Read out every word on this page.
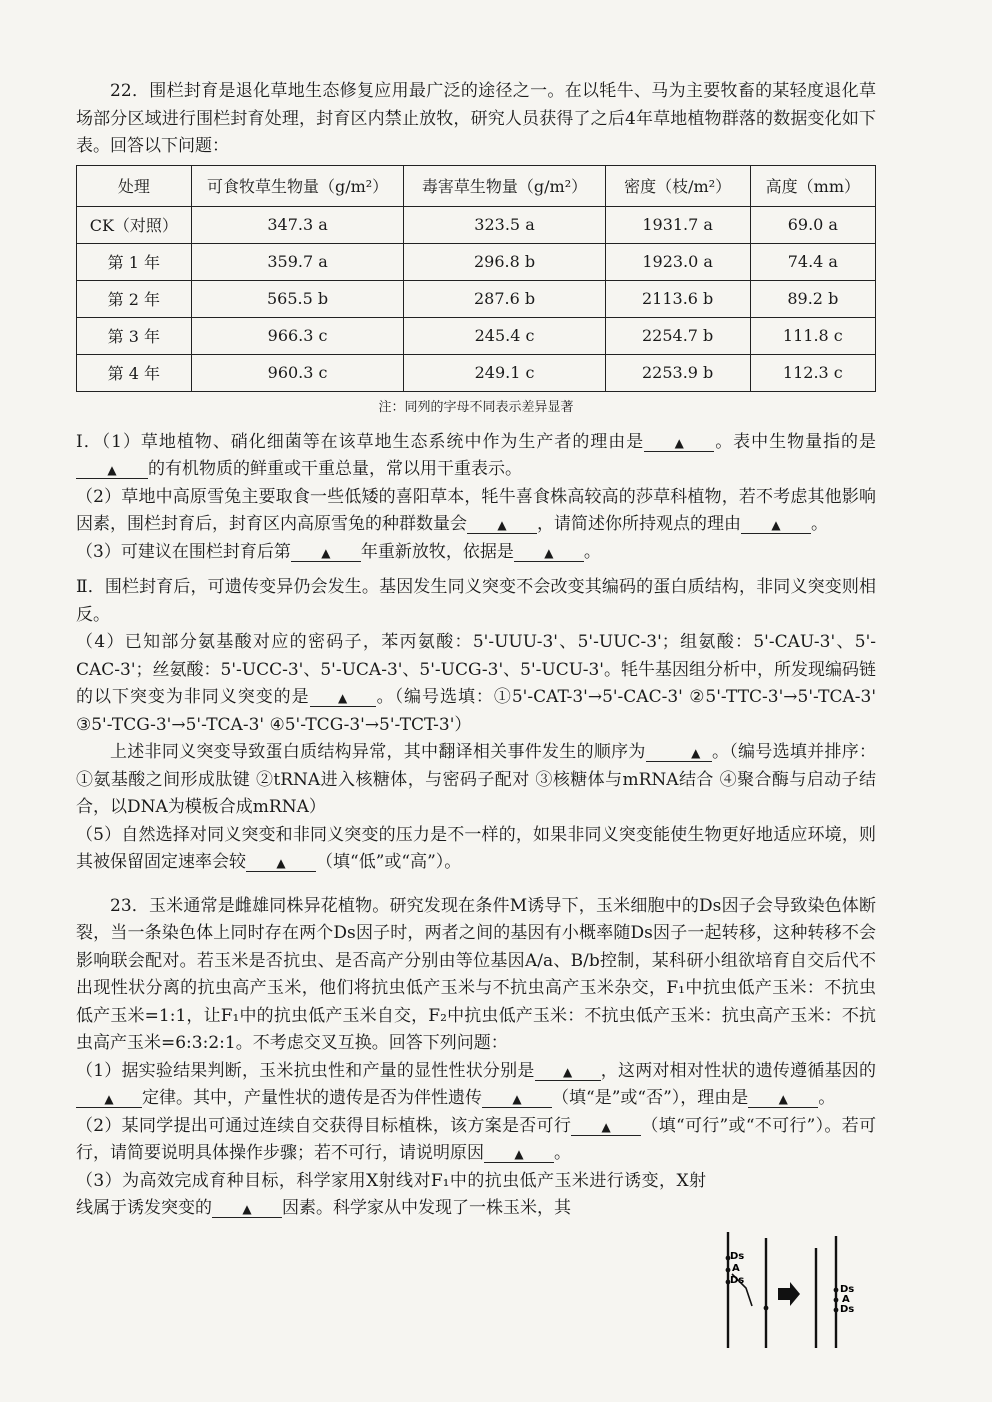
22．围栏封育是退化草地生态修复应用最广泛的途径之一。在以牦牛、马为主要牧畜的某轻度退化草场部分区域进行围栏封育处理，封育区内禁止放牧，研究人员获得了之后4年草地植物群落的数据变化如下表。回答以下问题：

处理	可食牧草生物量（g/m²）	毒害草生物量（g/m²）	密度（枝/m²）	高度（mm）
CK（对照）	347.3 a	323.5 a	1931.7 a	69.0 a
第 1 年	359.7 a	296.8 b	1923.0 a	74.4 a
第 2 年	565.5 b	287.6 b	2113.6 b	89.2 b
第 3 年	966.3 c	245.4 c	2254.7 b	111.8 c
第 4 年	960.3 c	249.1 c	2253.9 b	112.3 c
注：同列的字母不同表示差异显著

Ⅰ．（1）草地植物、硝化细菌等在该草地生态系统中作为生产者的理由是	▲ 。表中生物量指的是▲ 的有机物质的鲜重或干重总量，常以用干重表示。

（2）草地中高原雪兔主要取食一些低矮的喜阳草本，牦牛喜食株高较高的莎草科植物，若不考虑其他影响因素，围栏封育后，封育区内高原雪兔的种群数量会	▲ ，请简述你所持观点的理由	▲ 。

（3）可建议在围栏封育后第	▲ 年重新放牧，依据是	▲ 。

Ⅱ．围栏封育后，可遗传变异仍会发生。基因发生同义突变不会改变其编码的蛋白质结构，非同义突变则相反。

（4）已知部分氨基酸对应的密码子，苯丙氨酸：5'-UUU-3'、5'-UUC-3'；组氨酸：5'-CAU-3'、5'-CAC-3'；丝氨酸：5'-UCC-3'、5'-UCA-3'、5'-UCG-3'、5'-UCU-3'。牦牛基因组分析中，所发现编码链的以下突变为非同义突变的是 ▲ 。（编号选填：①5'-CAT-3'→5'-CAC-3' ②5'-TTC-3'→5'-TCA-3' ③5'-TCG-3'→5'-TCA-3' ④5'-TCG-3'→5'-TCT-3'）

上述非同义突变导致蛋白质结构异常，其中翻译相关事件发生的顺序为	▲ 。（编号选填并排序：①氨基酸之间形成肽键 ②tRNA进入核糖体，与密码子配对 ③核糖体与mRNA结合 ④聚合酶与启动子结合，以DNA为模板合成mRNA）

（5）自然选择对同义突变和非同义突变的压力是不一样的，如果非同义突变能使生物更好地适应环境，则其被保留固定速率会较	▲ （填“低”或“高”）。

23．玉米通常是雌雄同株异花植物。研究发现在条件M诱导下，玉米细胞中的Ds因子会导致染色体断裂，当一条染色体上同时存在两个Ds因子时，两者之间的基因有小概率随Ds因子一起转移，这种转移不会影响联会配对。若玉米是否抗虫、是否高产分别由等位基因A/a、B/b控制，某科研小组欲培育自交后代不出现性状分离的抗虫高产玉米，他们将抗虫低产玉米与不抗虫高产玉米杂交，F₁中抗虫低产玉米：不抗虫低产玉米=1:1，让F₁中的抗虫低产玉米自交，F₂中抗虫低产玉米：不抗虫低产玉米：抗虫高产玉米：不抗虫高产玉米=6:3:2:1。不考虑交叉互换。回答下列问题：

（1）据实验结果判断，玉米抗虫性和产量的显性性状分别是 ▲ ，这两对相对性状的遗传遵循基因的▲ 定律。其中，产量性状的遗传是否为伴性遗传	▲ （填“是”或“否”），理由是	▲ 。

（2）某同学提出可通过连续自交获得目标植株，该方案是否可行	▲ （填“可行”或“不可行”）。若可行，请简要说明具体操作步骤；若不可行，请说明原因	▲ 。

（3）为高效完成育种目标，科学家用X射线对F₁中的抗虫低产玉米进行诱变，X射线属于诱发突变的	▲ 因素。科学家从中发现了一株玉米，其

Ds
A
Ds
Ds
A
Ds
